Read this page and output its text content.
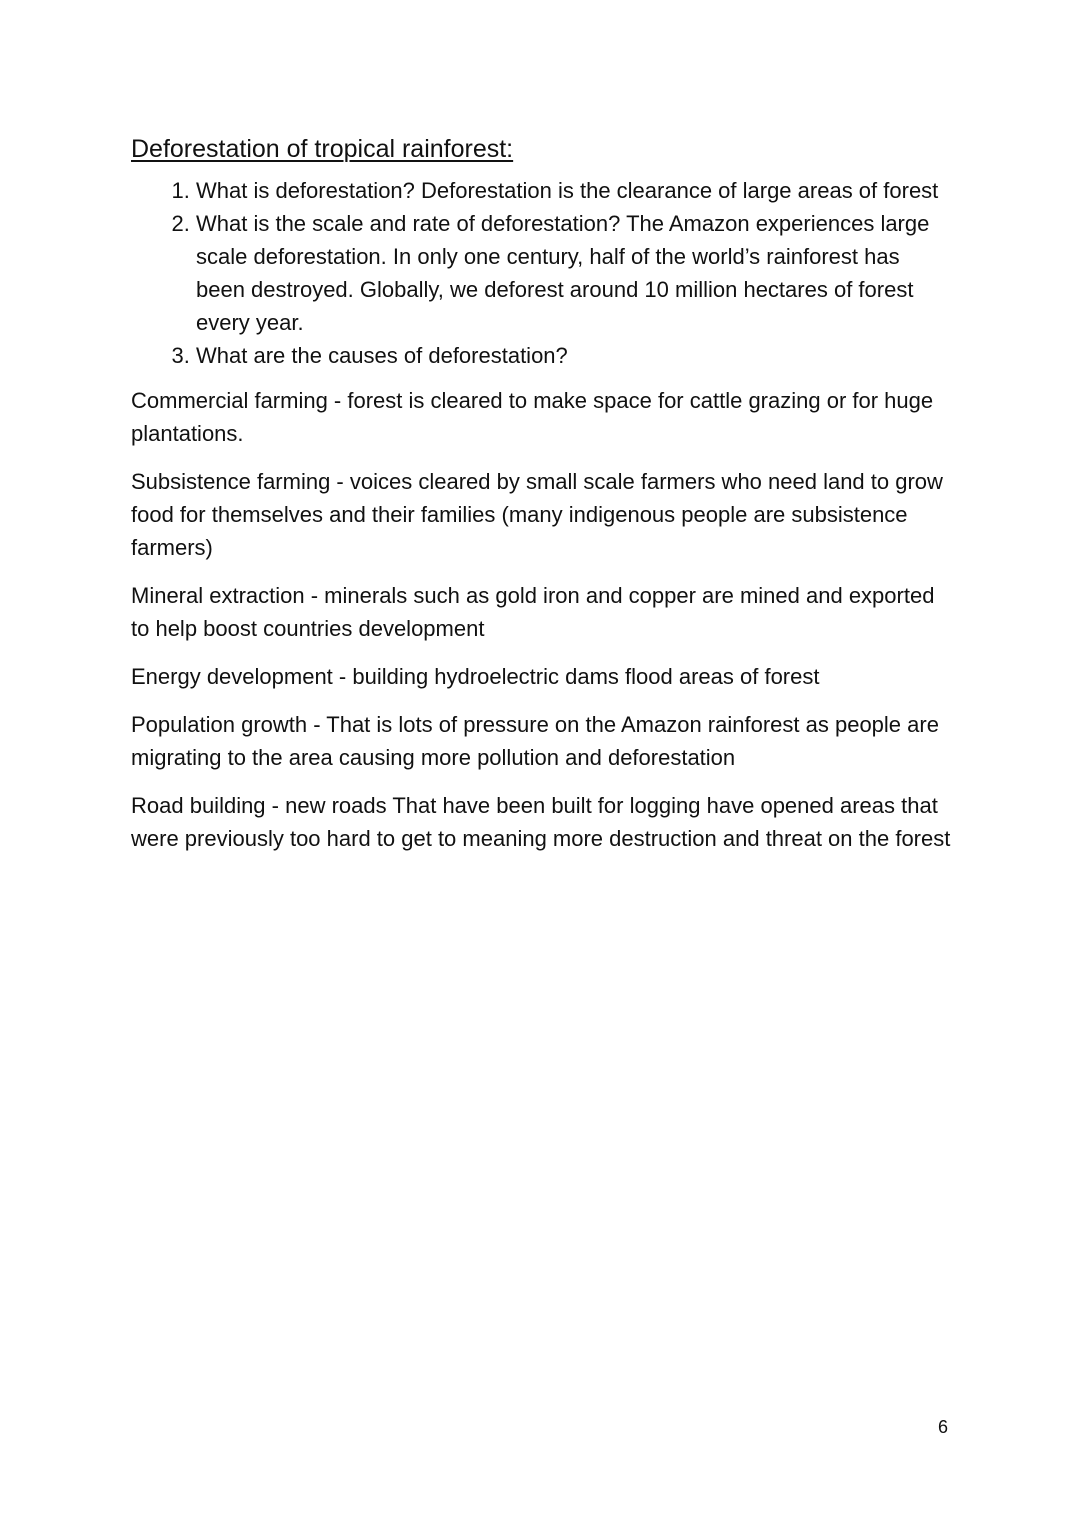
Deforestation of tropical rainforest:
1. What is deforestation? Deforestation is the clearance of large areas of forest
2. What is the scale and rate of deforestation? The Amazon experiences large scale deforestation. In only one century, half of the world’s rainforest has been destroyed. Globally, we deforest around 10 million hectares of forest every year.
3. What are the causes of deforestation?

Commercial farming - forest is cleared to make space for cattle grazing or for huge plantations.

Subsistence farming - voices cleared by small scale farmers who need land to grow food for themselves and their families (many indigenous people are subsistence farmers)

Mineral extraction - minerals such as gold iron and copper are mined and exported to help boost countries development

Energy development - building hydroelectric dams flood areas of forest

Population growth - That is lots of pressure on the Amazon rainforest as people are migrating to the area causing more pollution and deforestation

Road building - new roads That have been built for logging have opened areas that were previously too hard to get to meaning more destruction and threat on the forest

6
